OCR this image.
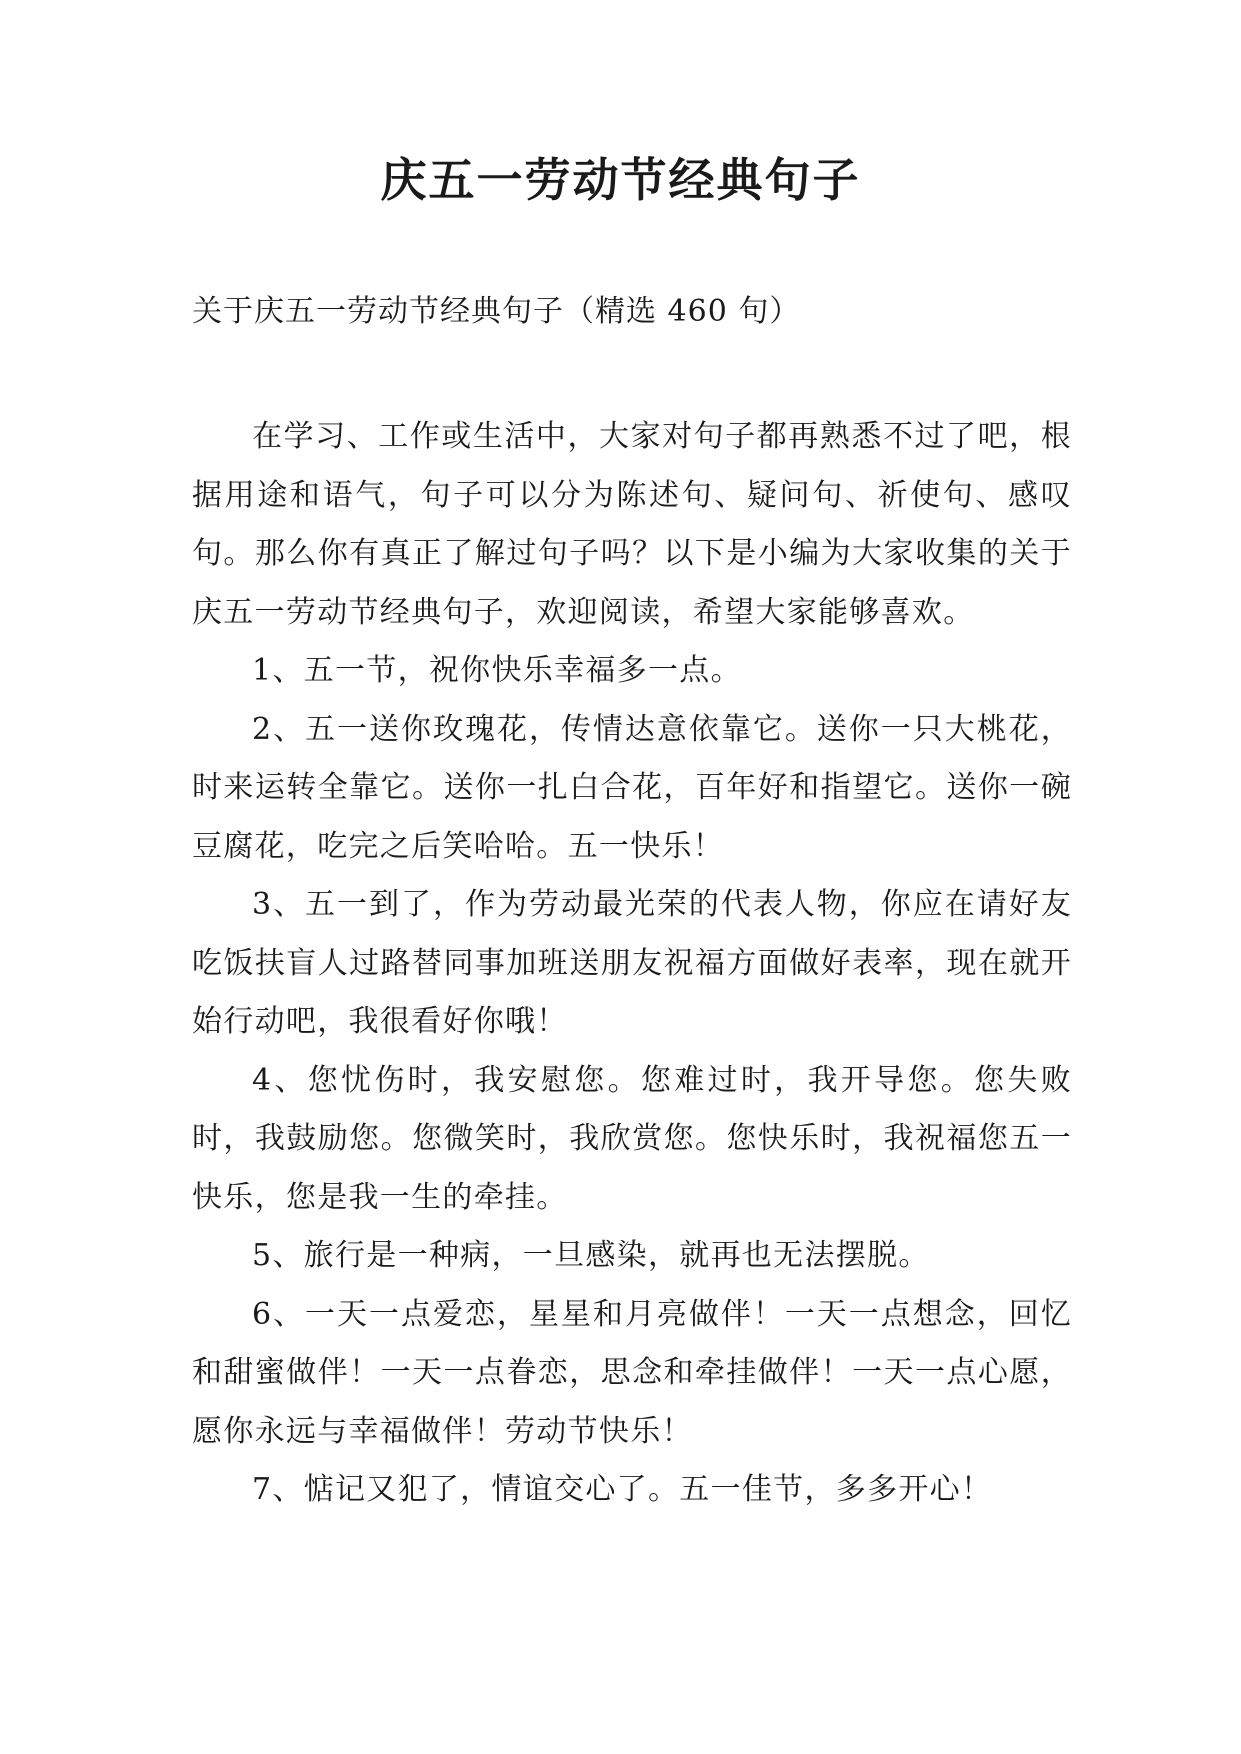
庆五一劳动节经典句子
关于庆五一劳动节经典句子（精选 460 句）

在学习、工作或生活中，大家对句子都再熟悉不过了吧，根据用途和语气，句子可以分为陈述句、疑问句、祈使句、感叹句。那么你有真正了解过句子吗？以下是小编为大家收集的关于庆五一劳动节经典句子，欢迎阅读，希望大家能够喜欢。

1、五一节，祝你快乐幸福多一点。

2、五一送你玫瑰花，传情达意依靠它。送你一只大桃花，时来运转全靠它。送你一扎白合花，百年好和指望它。送你一碗豆腐花，吃完之后笑哈哈。五一快乐！

3、五一到了，作为劳动最光荣的代表人物，你应在请好友吃饭扶盲人过路替同事加班送朋友祝福方面做好表率，现在就开始行动吧，我很看好你哦！

4、您忧伤时，我安慰您。您难过时，我开导您。您失败时，我鼓励您。您微笑时，我欣赏您。您快乐时，我祝福您五一快乐，您是我一生的牵挂。

5、旅行是一种病，一旦感染，就再也无法摆脱。

6、一天一点爱恋，星星和月亮做伴！一天一点想念，回忆和甜蜜做伴！一天一点眷恋，思念和牵挂做伴！一天一点心愿，愿你永远与幸福做伴！劳动节快乐！

7、惦记又犯了，情谊交心了。五一佳节，多多开心！
